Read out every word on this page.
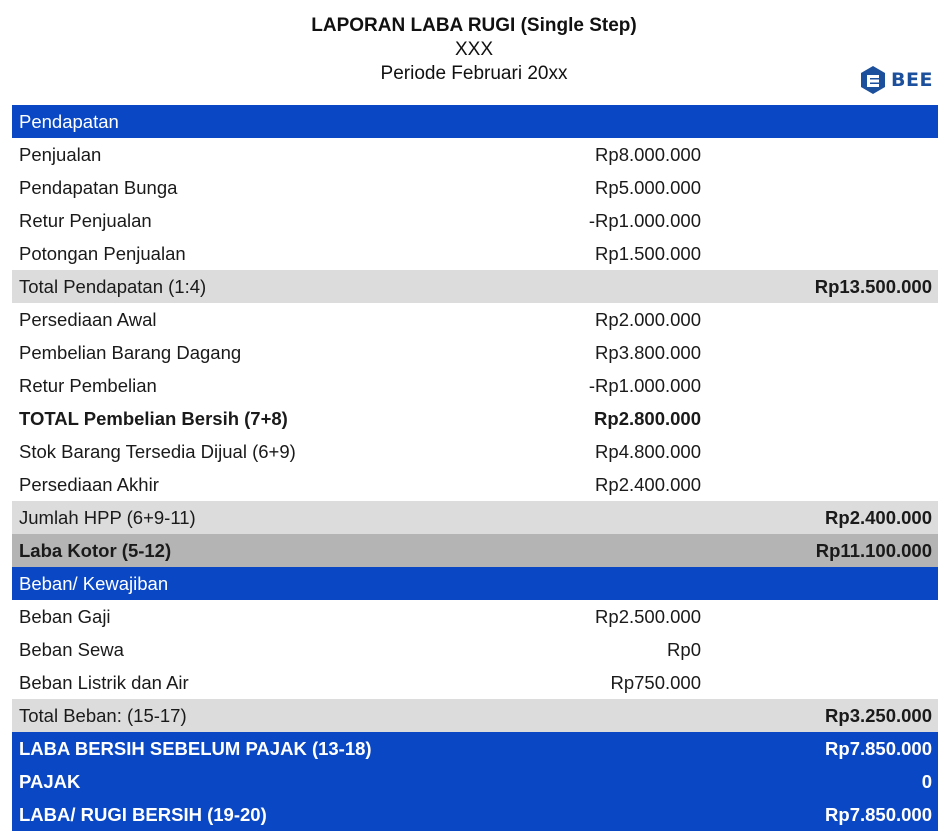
LAPORAN LABA RUGI (Single Step)
XXX
Periode Februari 20xx	BEE
Pendapatan
Penjualan	Rp8.000.000
Pendapatan Bunga	Rp5.000.000
Retur Penjualan	-Rp1.000.000
Potongan Penjualan	Rp1.500.000
Total Pendapatan (1:4)	Rp13.500.000
Persediaan Awal	Rp2.000.000
Pembelian Barang Dagang	Rp3.800.000
Retur Pembelian	-Rp1.000.000
TOTAL Pembelian Bersih (7+8)	Rp2.800.000
Stok Barang Tersedia Dijual (6+9)	Rp4.800.000
Persediaan Akhir	Rp2.400.000
Jumlah HPP (6+9-11)	Rp2.400.000
Laba Kotor (5-12)	Rp11.100.000
Beban/ Kewajiban
Beban Gaji	Rp2.500.000
Beban Sewa	Rp0
Beban Listrik dan Air	Rp750.000
Total Beban: (15-17)	Rp3.250.000
LABA BERSIH SEBELUM PAJAK (13-18)	Rp7.850.000
PAJAK	0
LABA/ RUGI BERSIH (19-20)	Rp7.850.000
